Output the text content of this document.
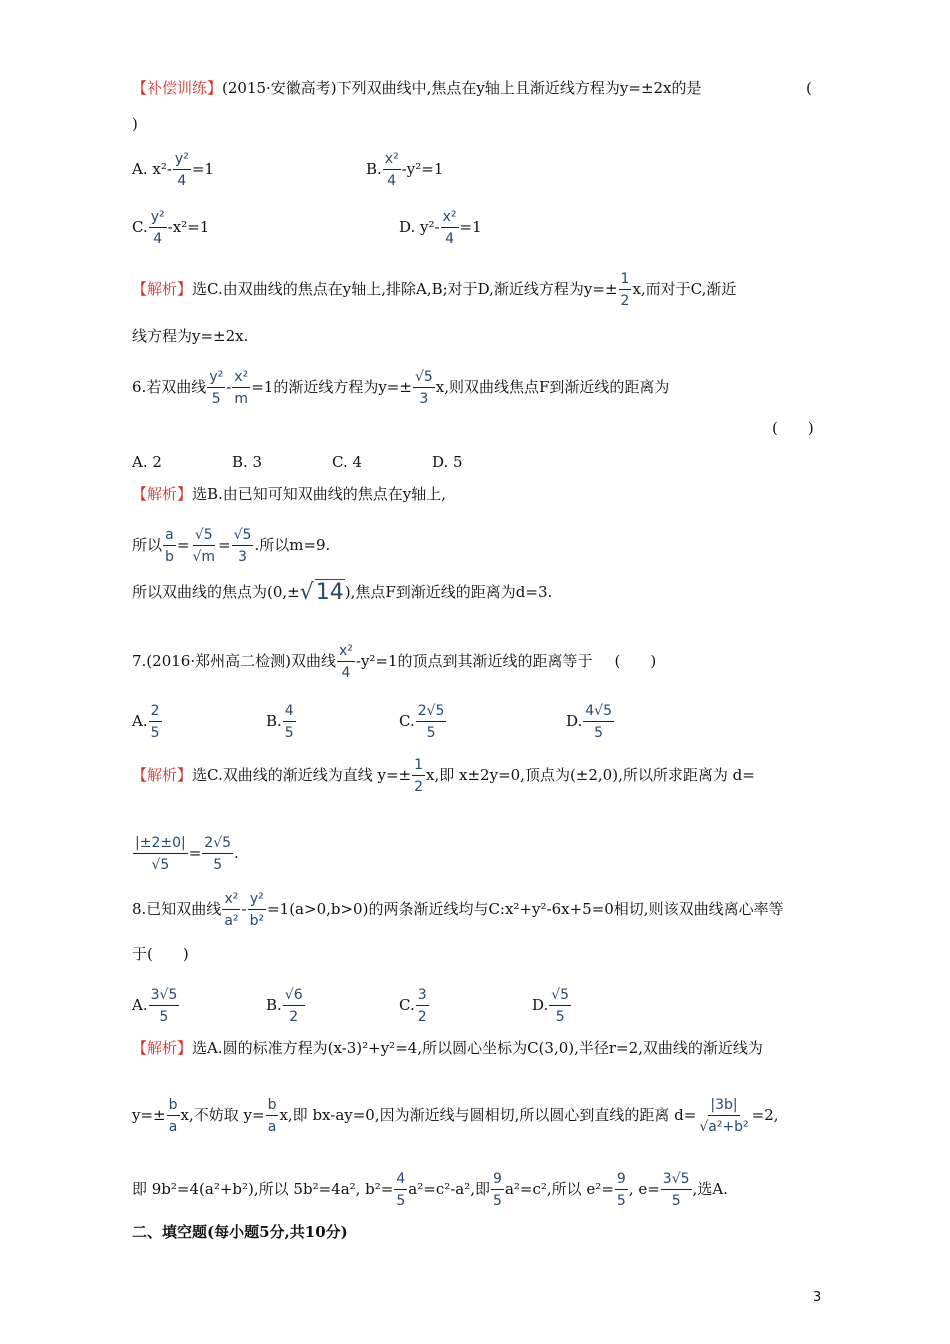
【补偿训练】(2015·安徽高考)下列双曲线中,焦点在y轴上且渐近线方程为y=±2x的是	(
)
A. $x^2- \frac{\text{y²}}{4} =1$	B. $\frac{\text{x²}}{4} -y^2=1$
C. $\frac{\text{y²}}{4} -x^2=1$	D. $y^2- \frac{\text{x²}}{4} =1$
【解析】选C.由双曲线的焦点在y轴上,排除A,B;对于D,渐近线方程为$y=\pm \frac{1}{2} x$,而对于C,渐近
线方程为y=±2x.
6.若双曲线 $\frac{\text{y²}}{5} - \frac{\text{x²}}{m} =1$的渐近线方程为$y=\pm \frac{√5}{3} x$,则双曲线焦点F到渐近线的距离为
(　　)
A. 2	B. 3	C. 4	D. 5
【解析】选B.由已知可知双曲线的焦点在y轴上,
所以 $\frac{a}{b} = \frac{√5}{√m} = \frac{√5}{3}$ .所以m=9.
所以双曲线的焦点为(0,±√14),焦点F到渐近线的距离为d=3.
7.(2016·郑州高二检测)双曲线 $\frac{\text{x²}}{4} -y^2=1$的顶点到其渐近线的距离等于 (　　)
A. $\frac{2}{5}$	B. $\frac{4}{5}$	C. $\frac{2√5}{5}$	D. $\frac{4√5}{5}$
【解析】选C.双曲线的渐近线为直线 $y=\pm \frac{1}{2} x$,即 x±2y=0,顶点为(±2,0),所以所求距离为 d=
$\frac{|\pm 2\pm 0|}{√5} = \frac{2√5}{5}$ .
8.已知双曲线 $\frac{\text{x²}}{\text{a²}} - \frac{\text{y²}}{\text{b²}} =1(a>0,b>0)$的两条渐近线均与C:x²+y²-6x+5=0相切,则该双曲线离心率等
于(　　)
A. $\frac{3√5}{5}$	B. $\frac{√6}{2}$	C. $\frac{3}{2}$	D. $\frac{√5}{5}$
【解析】选A.圆的标准方程为(x-3)²+y²=4,所以圆心坐标为C(3,0),半径r=2,双曲线的渐近线为
$y=\pm \frac{b}{a} x$,不妨取 $y= \frac{b}{a} x$,即 bx-ay=0,因为渐近线与圆相切,所以圆心到直线的距离 $d= \frac{|3b|}{\text{√a²+b²}} =2$,
即 9b²=4(a²+b²),所以 5b²=4a², $b^2= \frac{4}{5} a^2=c^2-a^2$,即 $\frac{9}{5} a^2=c^2$,所以 $e^2= \frac{9}{5}$ , $e= \frac{3√5}{5}$ ,选A.
二、填空题(每小题5分,共10分)
3
